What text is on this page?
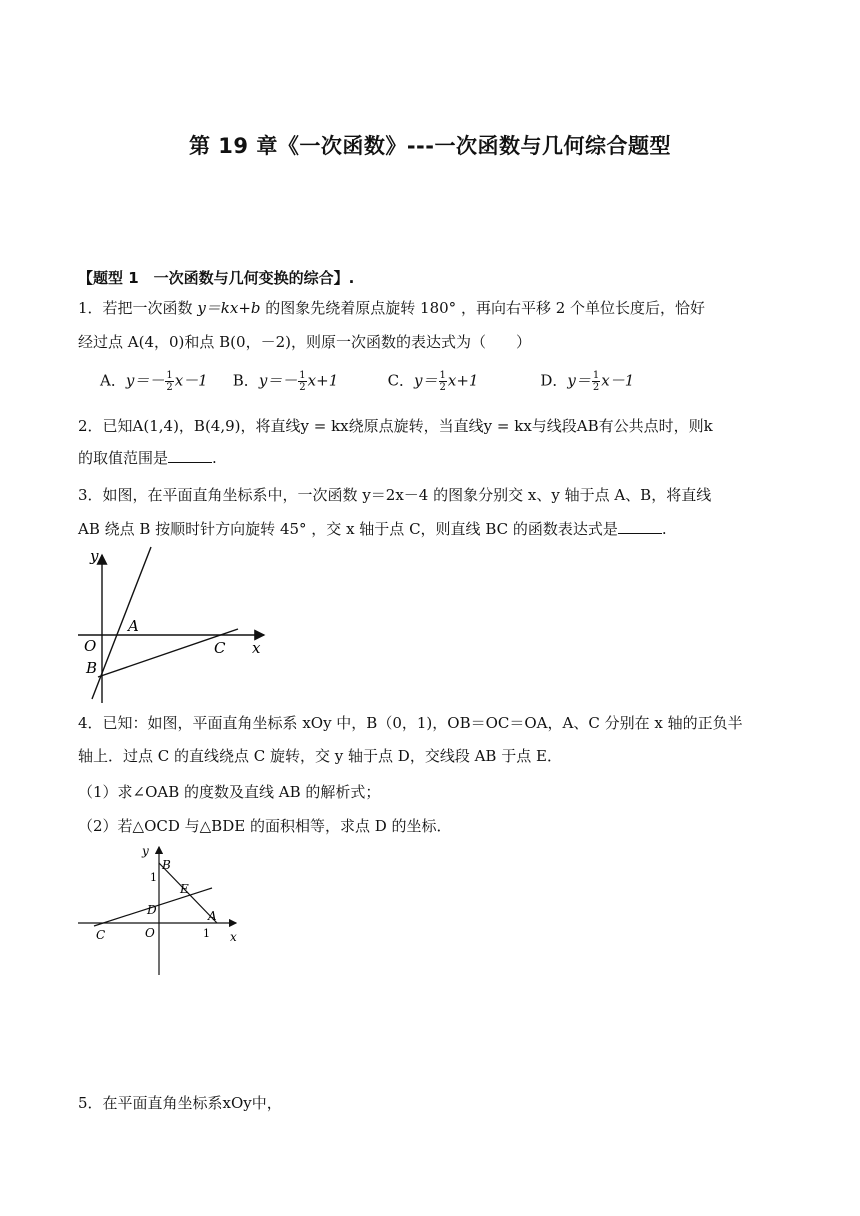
第 19 章《一次函数》---一次函数与几何综合题型
【题型 1　一次函数与几何变换的综合】.
1．若把一次函数 y＝kx+b 的图象先绕着原点旋转 180° ，再向右平移 2 个单位长度后，恰好
经过点 A(4，0)和点 B(0，－2)，则原一次函数的表达式为（　　）
A．$y=- \frac{1}{2} x-1$ B．$y=- \frac{1}{2} x+1$	C．$y= \frac{1}{2} x+1$	D．$y= \frac{1}{2} x-1$
2．已知A(1,4)，B(4,9)，将直线y = kx绕原点旋转，当直线y = kx与线段AB有公共点时，则k
的取值范围是	.
3．如图，在平面直角坐标系中，一次函数 y＝2x－4 的图象分别交 x、y 轴于点 A、B，将直线
AB 绕点 B 按顺时针方向旋转 45° ，交 x 轴于点 C，则直线 BC 的函数表达式是	.
y
x
O
A
B
C
4．已知：如图，平面直角坐标系 xOy 中，B（0，1)，OB＝OC＝OA，A、C 分别在 x 轴的正负半
轴上．过点 C 的直线绕点 C 旋转，交 y 轴于点 D，交线段 AB 于点 E．
（1）求∠OAB 的度数及直线 AB 的解析式；
（2）若△OCD 与△BDE 的面积相等，求点 D 的坐标．
y
x
B
1
E
D	A
C	O	1
5．在平面直角坐标系xOy中，
